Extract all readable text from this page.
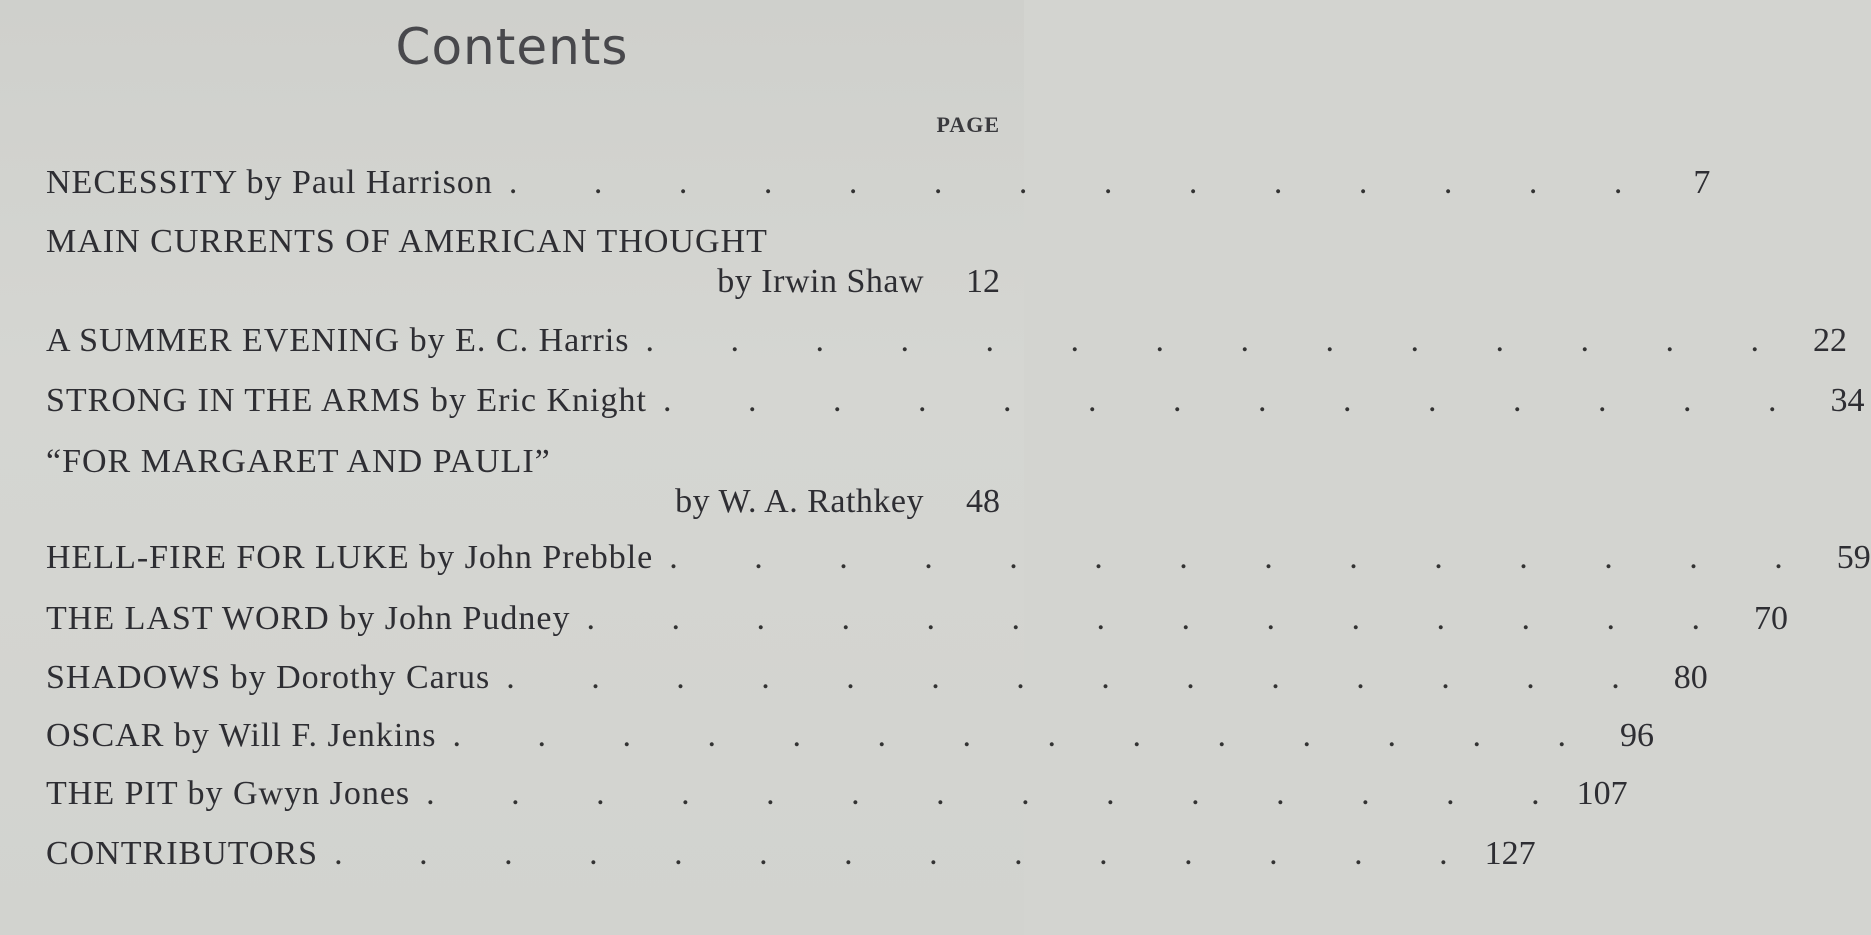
Contents
PAGE
NECESSITY by Paul Harrison . . . . . . . . . . . . . .	7
MAIN CURRENTS OF AMERICAN THOUGHT
by Irwin Shaw 12
A SUMMER EVENING by E. C. Harris . . . . . . . . . . . . . . 22
STRONG IN THE ARMS by Eric Knight . . . . . . . . . . . . . . 34
“FOR MARGARET AND PAULI”
by W. A. Rathkey 48
HELL-FIRE FOR LUKE by John Prebble . . . . . . . . . . . . . . 59
THE LAST WORD by John Pudney . . . . . . . . . . . . . . 70
SHADOWS by Dorothy Carus . . . . . . . . . . . . . . 80
OSCAR by Will F. Jenkins . . . . . . . . . . . . . . 96
THE PIT by Gwyn Jones . . . . . . . . . . . . . . 107
CONTRIBUTORS . . . . . . . . . . . . . . 127
